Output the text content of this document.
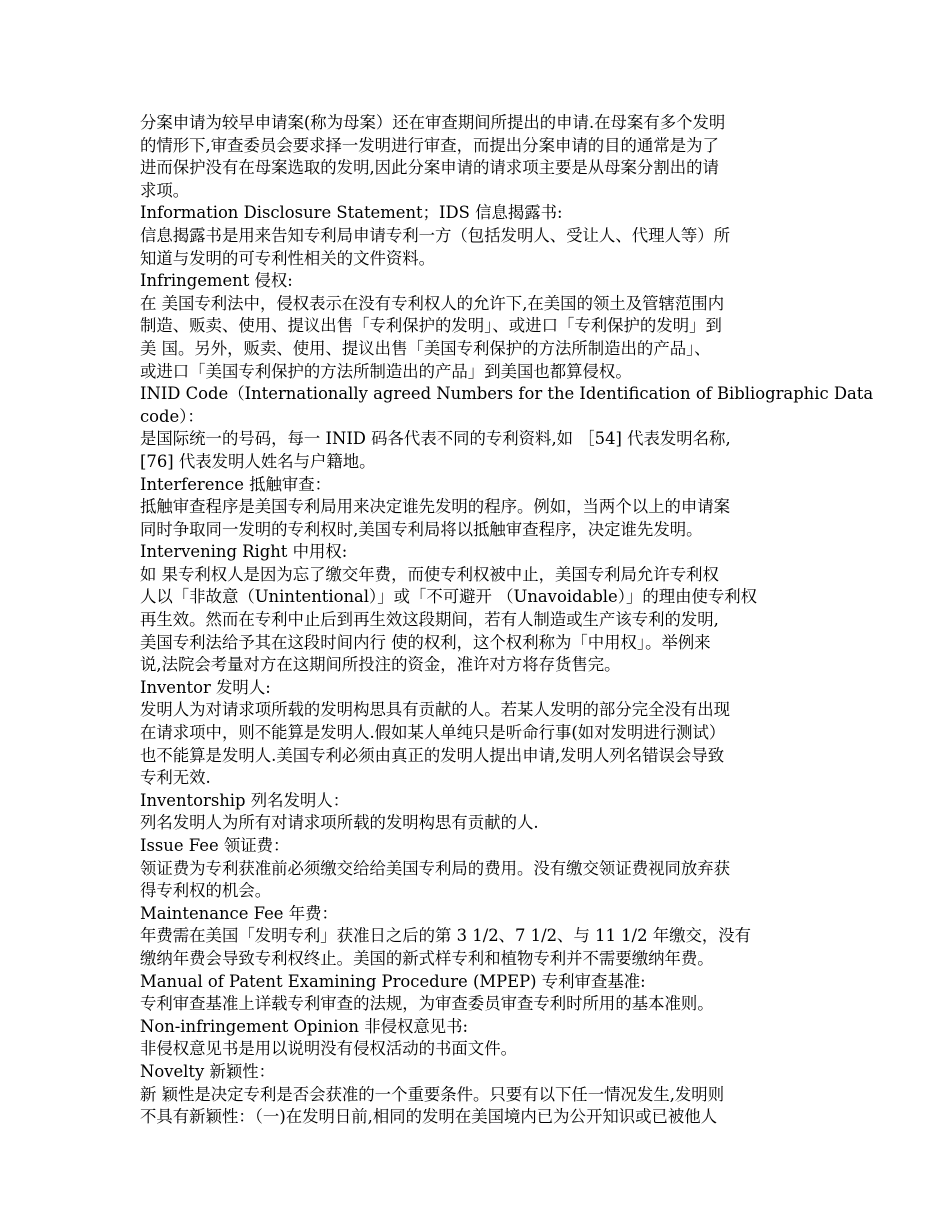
分案申请为较早申请案(称为母案）还在审查期间所提出的申请.在母案有多个发明
的情形下,审查委员会要求择一发明进行审查，而提出分案申请的目的通常是为了
进而保护没有在母案选取的发明,因此分案申请的请求项主要是从母案分割出的请
求项。
Information Disclosure Statement；IDS 信息揭露书:
信息揭露书是用来告知专利局申请专利一方（包括发明人、受让人、代理人等）所
知道与发明的可专利性相关的文件资料。
Infringement 侵权:
在 美国专利法中，侵权表示在没有专利权人的允许下,在美国的领土及管辖范围内
制造、贩卖、使用、提议出售「专利保护的发明」、或进口「专利保护的发明」到
美 国。另外，贩卖、使用、提议出售「美国专利保护的方法所制造出的产品」、
或进口「美国专利保护的方法所制造出的产品」到美国也都算侵权。
INID Code（Internationally agreed Numbers for the Identification of Bibliographic Data
code）：
是国际统一的号码，每一 INID 码各代表不同的专利资料,如 ［54] 代表发明名称,
[76] 代表发明人姓名与户籍地。
Interference 抵触审查：
抵触审查程序是美国专利局用来决定谁先发明的程序。例如，当两个以上的申请案
同时争取同一发明的专利权时,美国专利局将以抵触审查程序，决定谁先发明。
Intervening Right 中用权:
如 果专利权人是因为忘了缴交年费，而使专利权被中止，美国专利局允许专利权
人以「非故意（Unintentional）」或「不可避开 （Unavoidable）」的理由使专利权
再生效。然而在专利中止后到再生效这段期间，若有人制造或生产该专利的发明,
美国专利法给予其在这段时间内行 使的权利，这个权利称为「中用权」。举例来
说,法院会考量对方在这期间所投注的资金，准许对方将存货售完。
Inventor 发明人:
发明人为对请求项所载的发明构思具有贡献的人。若某人发明的部分完全没有出现
在请求项中，则不能算是发明人.假如某人单纯只是听命行事(如对发明进行测试）
也不能算是发明人.美国专利必须由真正的发明人提出申请,发明人列名错误会导致
专利无效.
Inventorship 列名发明人：
列名发明人为所有对请求项所载的发明构思有贡献的人.
Issue Fee 领证费：
领证费为专利获准前必须缴交给给美国专利局的费用。没有缴交领证费视同放弃获
得专利权的机会。
Maintenance Fee 年费：
年费需在美国「发明专利」获准日之后的第 3 1/2、7 1/2、与 11 1/2 年缴交，没有
缴纳年费会导致专利权终止。美国的新式样专利和植物专利并不需要缴纳年费。
Manual of Patent Examining Procedure (MPEP) 专利审查基准:
专利审查基准上详载专利审查的法规，为审查委员审查专利时所用的基本准则。
Non-infringement Opinion 非侵权意见书:
非侵权意见书是用以说明没有侵权活动的书面文件。
Novelty 新颖性：
新 颖性是决定专利是否会获准的一个重要条件。只要有以下任一情况发生,发明则
不具有新颖性：（一)在发明日前,相同的发明在美国境内已为公开知识或已被他人
